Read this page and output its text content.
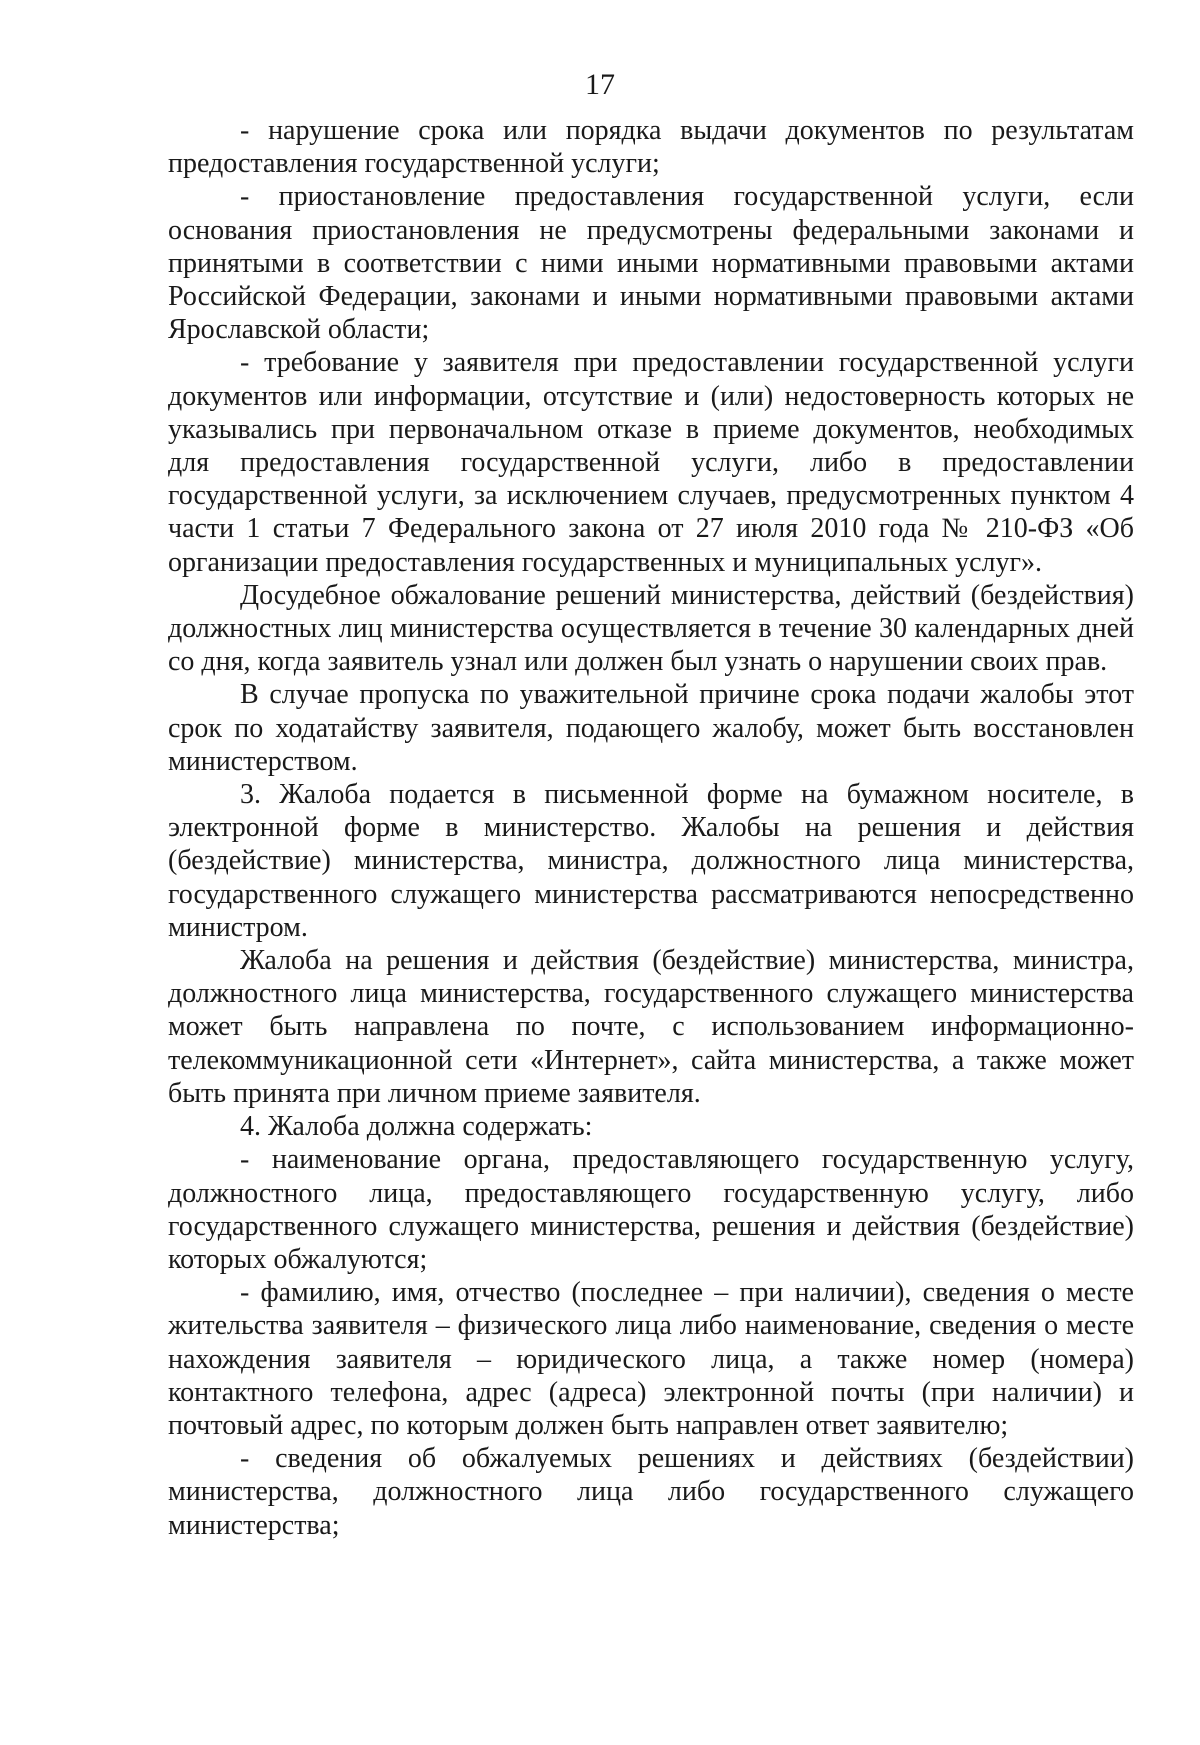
17

- нарушение срока или порядка выдачи документов по результатам предоставления государственной услуги;

- приостановление предоставления государственной услуги, если основания приостановления не предусмотрены федеральными законами и принятыми в соответствии с ними иными нормативными правовыми актами Российской Федерации, законами и иными нормативными правовыми актами Ярославской области;

- требование у заявителя при предоставлении государственной услуги документов или информации, отсутствие и (или) недостоверность которых не указывались при первоначальном отказе в приеме документов, необходимых для предоставления государственной услуги, либо в предоставлении государственной услуги, за исключением случаев, предусмотренных пунктом 4 части 1 статьи 7 Федерального закона от 27 июля 2010 года № 210-ФЗ «Об организации предоставления государственных и муниципальных услуг».

Досудебное обжалование решений министерства, действий (бездействия) должностных лиц министерства осуществляется в течение 30 календарных дней со дня, когда заявитель узнал или должен был узнать о нарушении своих прав.

В случае пропуска по уважительной причине срока подачи жалобы этот срок по ходатайству заявителя, подающего жалобу, может быть восстановлен министерством.

3. Жалоба подается в письменной форме на бумажном носителе, в электронной форме в министерство. Жалобы на решения и действия (бездействие) министерства, министра, должностного лица министерства, государственного служащего министерства рассматриваются непосредственно министром.

Жалоба на решения и действия (бездействие) министерства, министра, должностного лица министерства, государственного служащего министерства может быть направлена по почте, с использованием информационно-телекоммуникационной сети «Интернет», сайта министерства, а также может быть принята при личном приеме заявителя.

4. Жалоба должна содержать:

- наименование органа, предоставляющего государственную услугу, должностного лица, предоставляющего государственную услугу, либо государственного служащего министерства, решения и действия (бездействие) которых обжалуются;

- фамилию, имя, отчество (последнее – при наличии), сведения о месте жительства заявителя – физического лица либо наименование, сведения о месте нахождения заявителя – юридического лица, а также номер (номера) контактного телефона, адрес (адреса) электронной почты (при наличии) и почтовый адрес, по которым должен быть направлен ответ заявителю;

- сведения об обжалуемых решениях и действиях (бездействии) министерства, должностного лица либо государственного служащего министерства;
